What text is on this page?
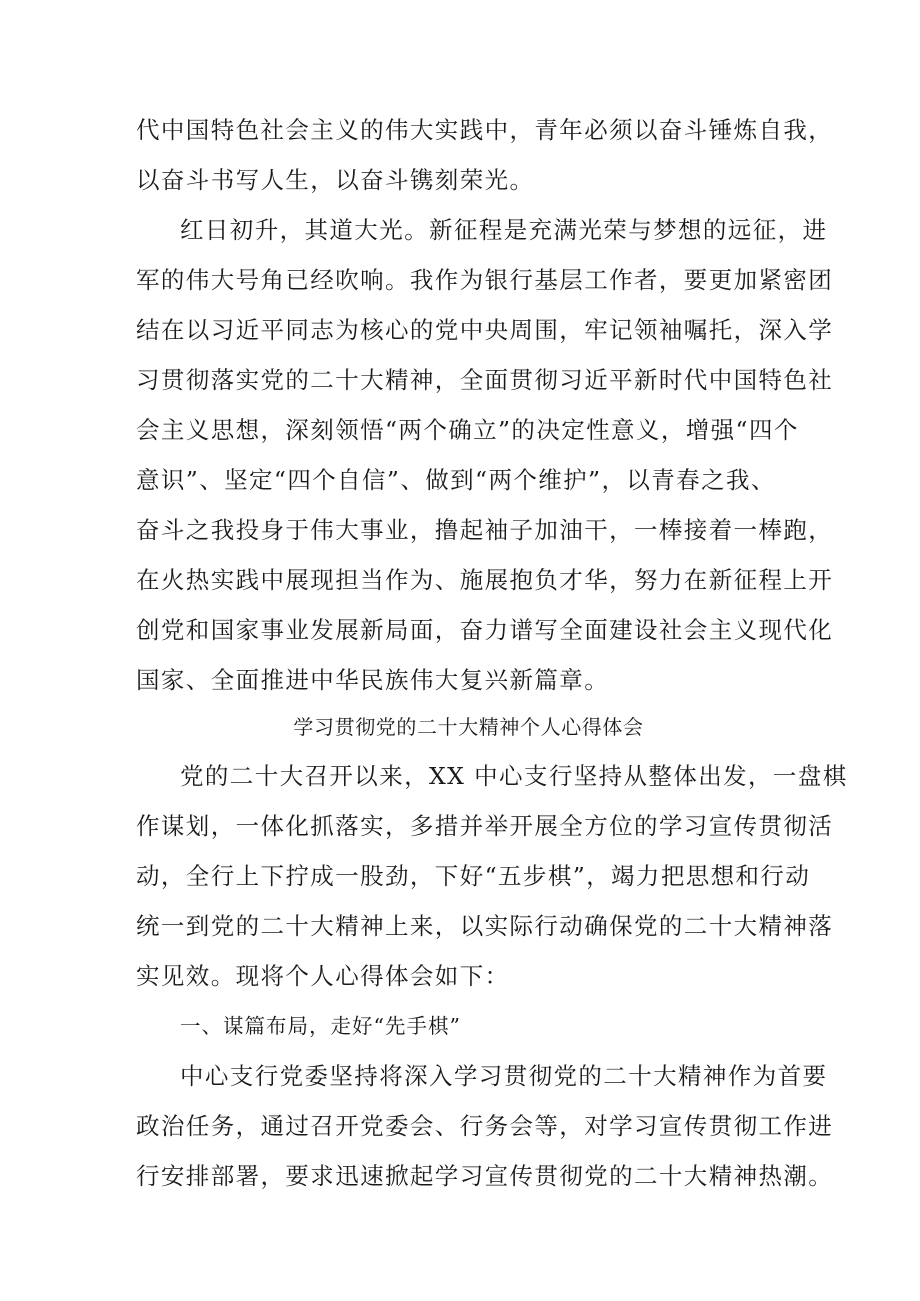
代中国特色社会主义的伟大实践中，青年必须以奋斗锤炼自我，
以奋斗书写人生，以奋斗镌刻荣光。
红日初升，其道大光。新征程是充满光荣与梦想的远征，进
军的伟大号角已经吹响。我作为银行基层工作者，要更加紧密团
结在以习近平同志为核心的党中央周围，牢记领袖嘱托，深入学
习贯彻落实党的二十大精神，全面贯彻习近平新时代中国特色社
会主义思想，深刻领悟“两个确立”的决定性意义，增强“四个
意识”、坚定“四个自信”、做到“两个维护”，以青春之我、
奋斗之我投身于伟大事业，撸起袖子加油干，一棒接着一棒跑，
在火热实践中展现担当作为、施展抱负才华，努力在新征程上开
创党和国家事业发展新局面，奋力谱写全面建设社会主义现代化
国家、全面推进中华民族伟大复兴新篇章。
学习贯彻党的二十大精神个人心得体会
党的二十大召开以来，XX 中心支行坚持从整体出发，一盘棋
作谋划，一体化抓落实，多措并举开展全方位的学习宣传贯彻活
动，全行上下拧成一股劲，下好“五步棋”，竭力把思想和行动
统一到党的二十大精神上来，以实际行动确保党的二十大精神落
实见效。现将个人心得体会如下：
一、谋篇布局，走好“先手棋”
中心支行党委坚持将深入学习贯彻党的二十大精神作为首要
政治任务，通过召开党委会、行务会等，对学习宣传贯彻工作进
行安排部署，要求迅速掀起学习宣传贯彻党的二十大精神热潮。
